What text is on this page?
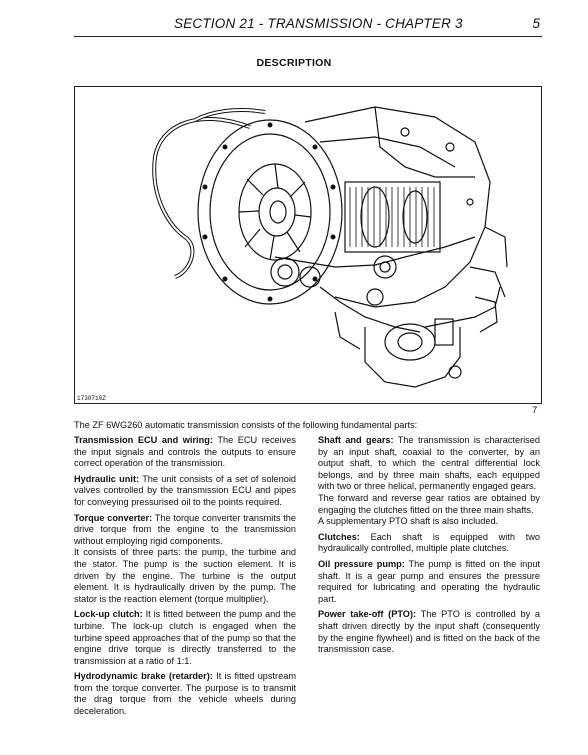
SECTION 21 - TRANSMISSION - CHAPTER 3	5
DESCRIPTION
1730710Z
7
The ZF 6WG260 automatic transmission consists of the following fundamental parts:

Transmission ECU and wiring: The ECU receives the input signals and controls the outputs to ensure correct operation of the transmission.

Hydraulic unit: The unit consists of a set of solenoid valves controlled by the transmission ECU and pipes for conveying pressurised oil to the points required.

Torque converter: The torque converter transmits the drive torque from the engine to the transmission without employing rigid components.

It consists of three parts: the pump, the turbine and the stator. The pump is the suction element. It is driven by the engine. The turbine is the output element. It is hydraulically driven by the pump. The stator is the reaction element (torque multiplier).

Lock-up clutch: It is fitted between the pump and the turbine. The lock-up clutch is engaged when the turbine speed approaches that of the pump so that the engine drive torque is directly transferred to the transmission at a ratio of 1:1.

Hydrodynamic brake (retarder): It is fitted upstream from the torque converter. The purpose is to transmit the drag torque from the vehicle wheels during deceleration.

Shaft and gears: The transmission is characterised by an input shaft, coaxial to the converter, by an output shaft, to which the central differential lock belongs, and by three main shafts, each equipped with two or three helical, permanently engaged gears.

The forward and reverse gear ratios are obtained by engaging the clutches fitted on the three main shafts.

A supplementary PTO shaft is also included.

Clutches: Each shaft is equipped with two hydraulically controlled, multiple plate clutches.

Oil pressure pump: The pump is fitted on the input shaft. It is a gear pump and ensures the pressure required for lubricating and operating the hydraulic part.

Power take-off (PTO): The PTO is controlled by a shaft driven directly by the input shaft (consequently by the engine flywheel) and is fitted on the back of the transmission case.
